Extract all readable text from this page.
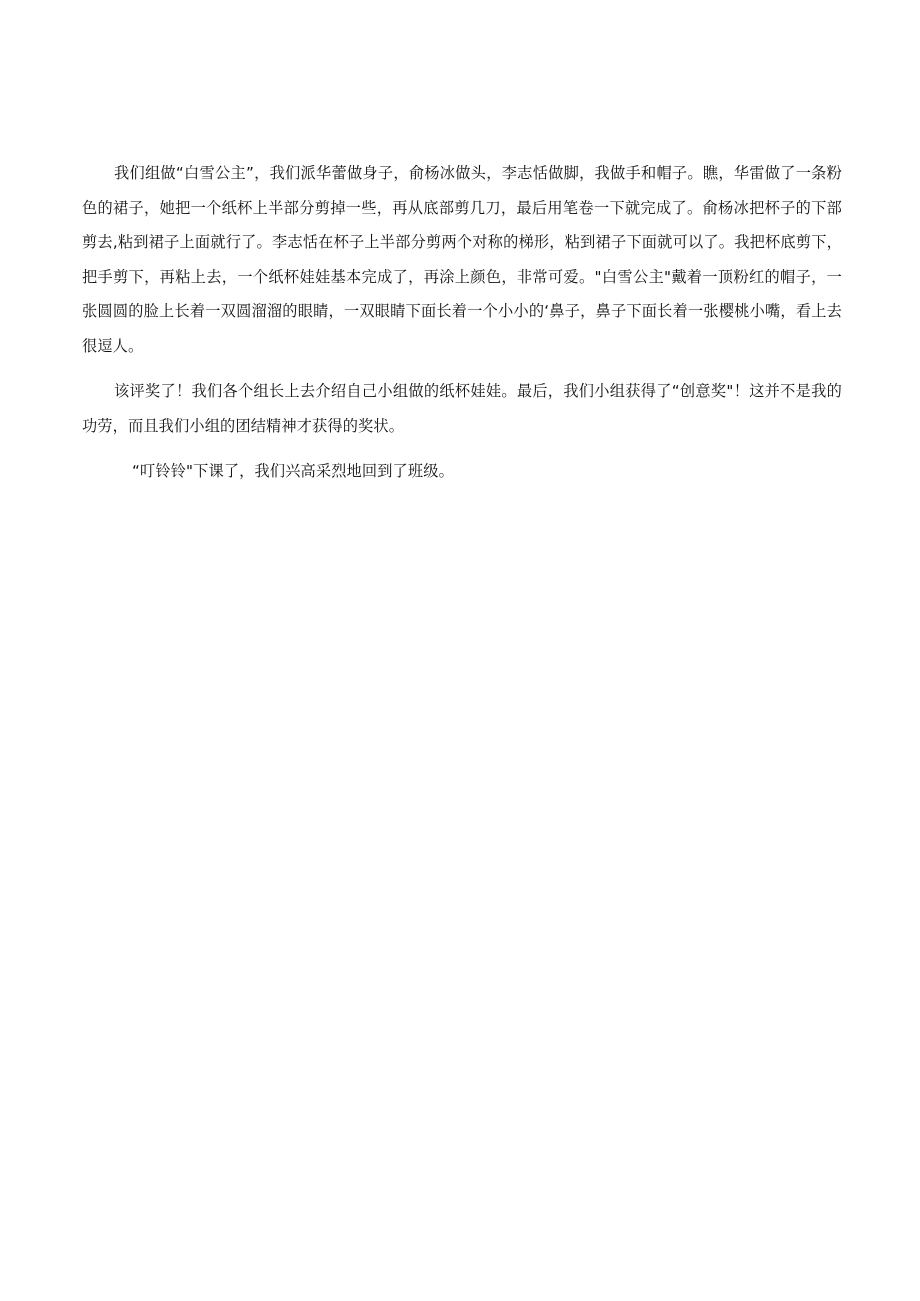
我们组做“白雪公主”，我们派华蕾做身子，俞杨冰做头，李志恬做脚，我做手和帽子。瞧，华雷做了一条粉色的裙子，她把一个纸杯上半部分剪掉一些，再从底部剪几刀，最后用笔卷一下就完成了。俞杨冰把杯子的下部剪去,粘到裙子上面就行了。李志恬在杯子上半部分剪两个对称的梯形，粘到裙子下面就可以了。我把杯底剪下，把手剪下，再粘上去，一个纸杯娃娃基本完成了，再涂上颜色，非常可爱。"白雪公主"戴着一顶粉红的帽子，一张圆圆的脸上长着一双圆溜溜的眼睛，一双眼睛下面长着一个小小的‘鼻子，鼻子下面长着一张樱桃小嘴，看上去很逗人。

该评奖了！我们各个组长上去介绍自己小组做的纸杯娃娃。最后，我们小组获得了“创意奖"！这并不是我的功劳，而且我们小组的团结精神才获得的奖状。

“叮铃铃"下课了，我们兴高采烈地回到了班级。
